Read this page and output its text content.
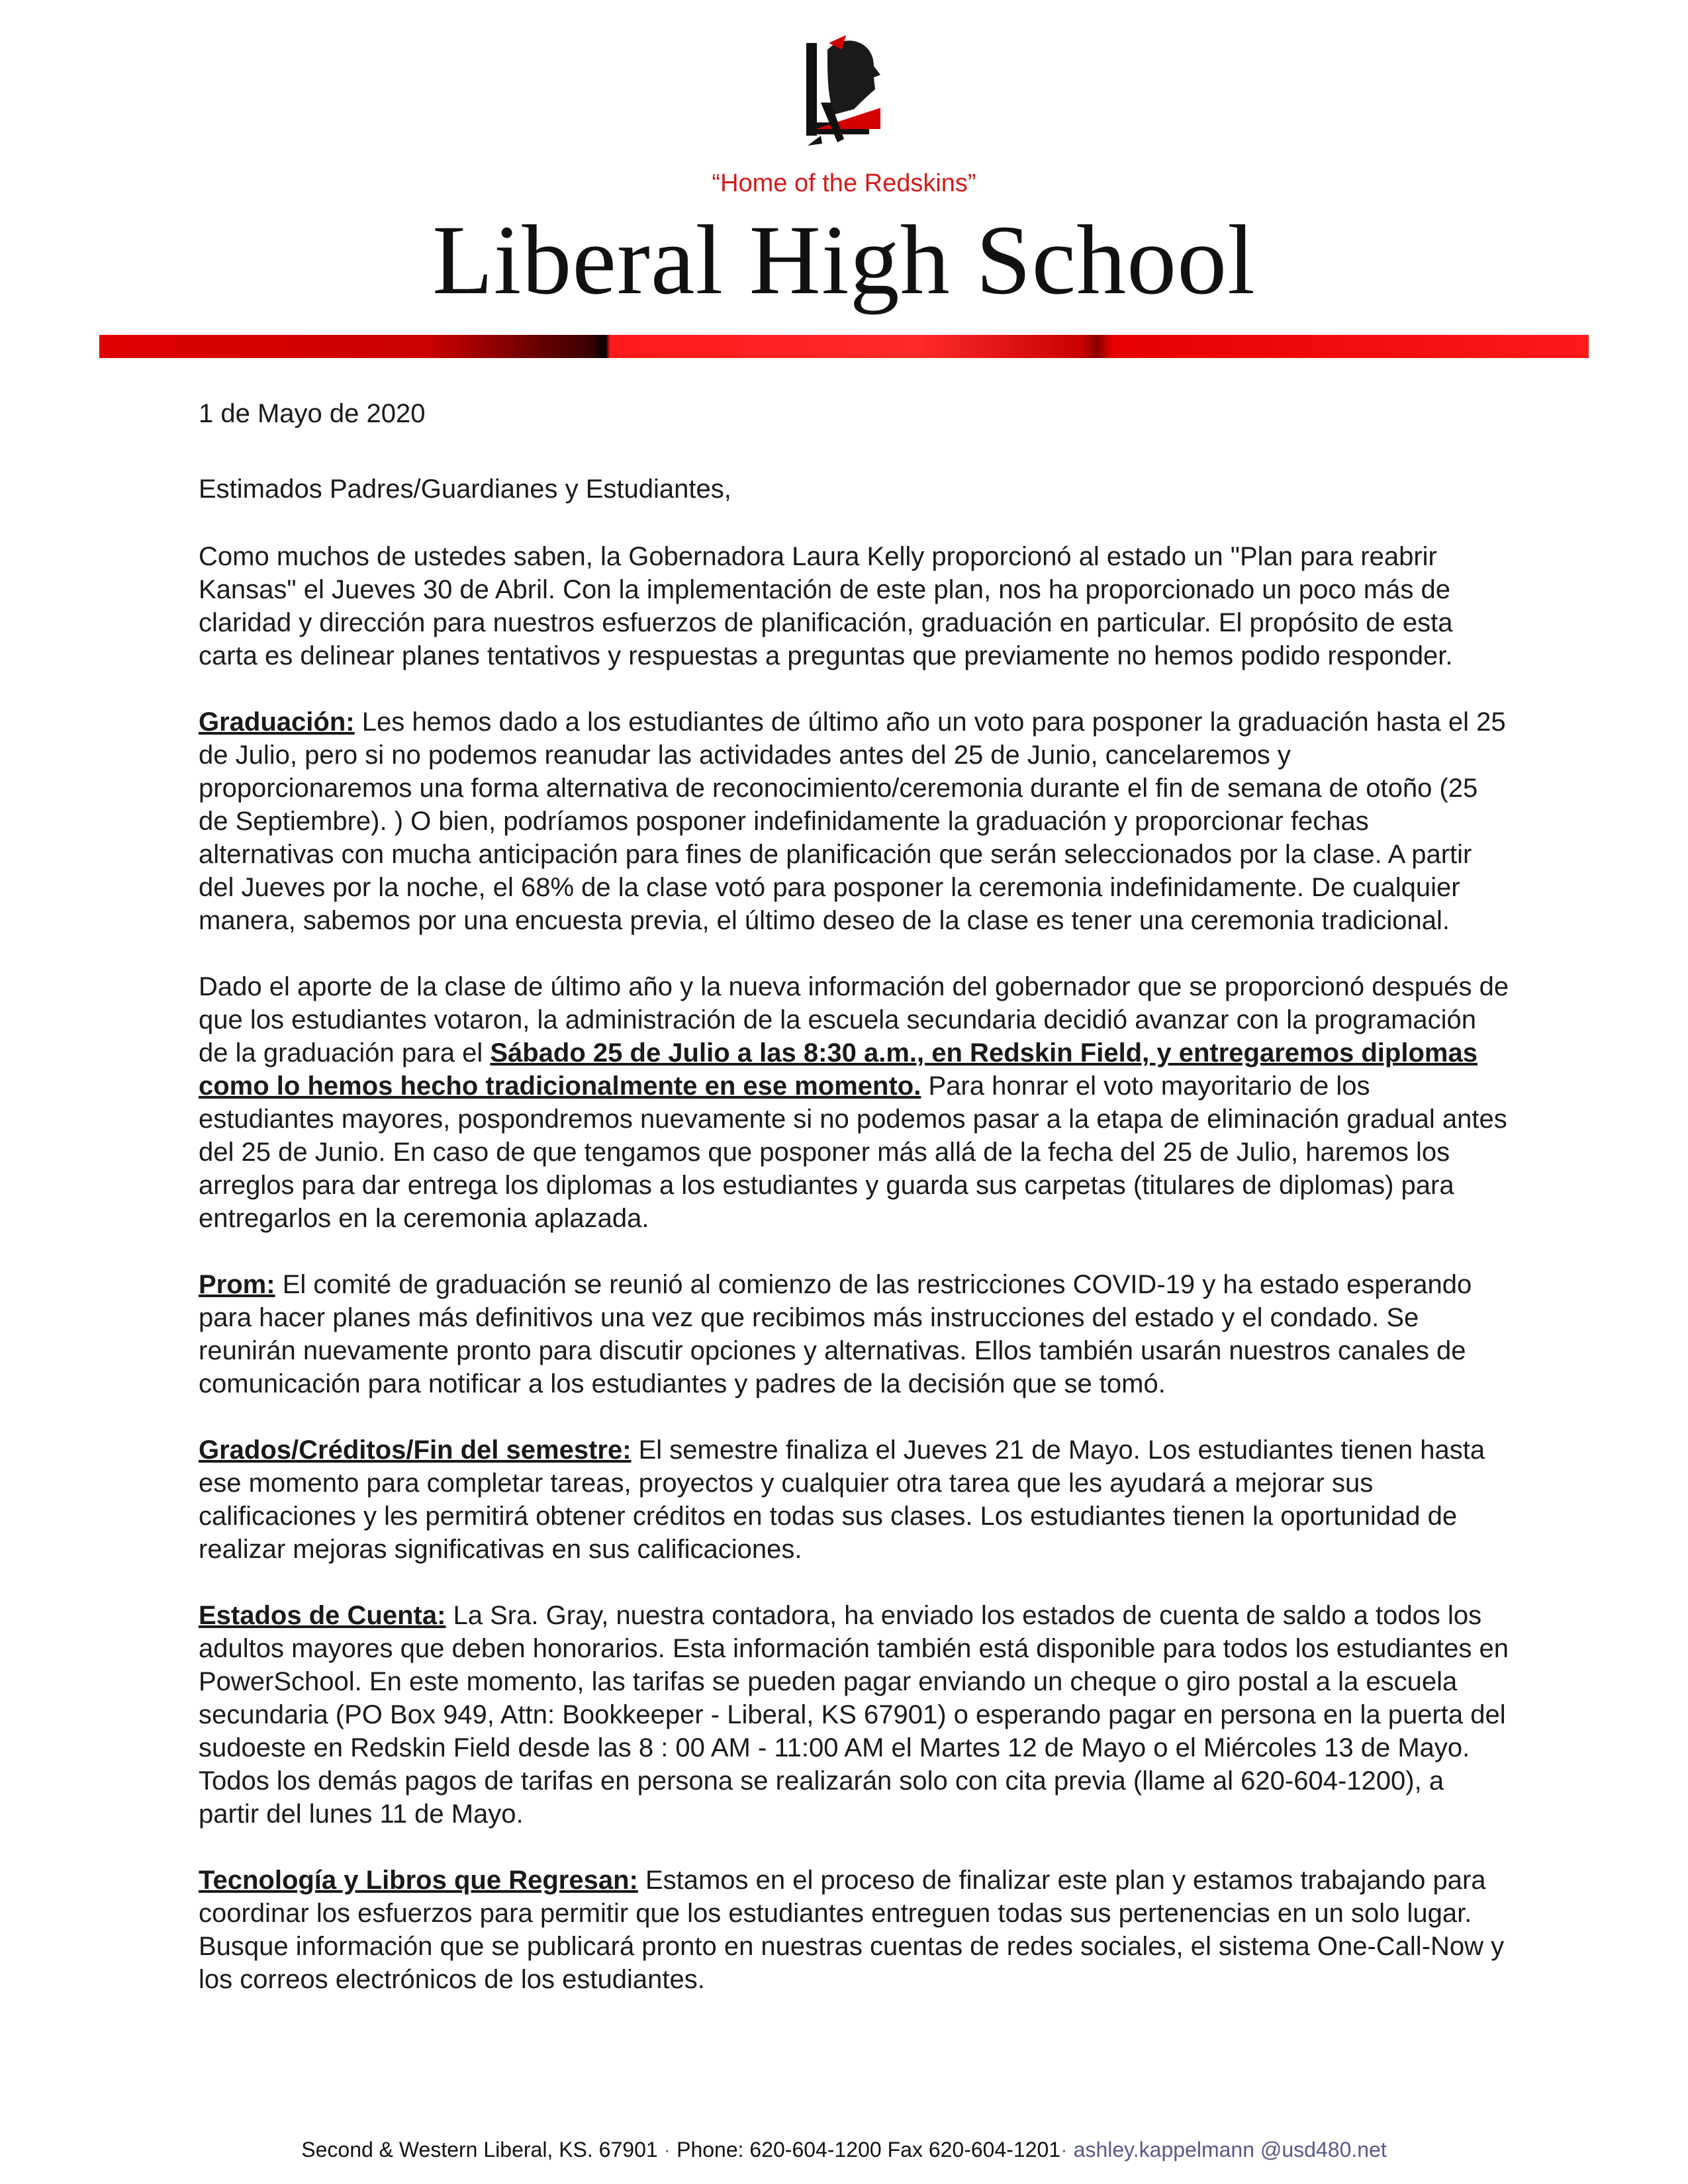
“Home of the Redskins”
Liberal High School

1 de Mayo de 2020

Estimados Padres/Guardianes y Estudiantes,

Como muchos de ustedes saben, la Gobernadora Laura Kelly proporcionó al estado un "Plan para reabrir Kansas" el Jueves 30 de Abril. Con la implementación de este plan, nos ha proporcionado un poco más de claridad y dirección para nuestros esfuerzos de planificación, graduación en particular. El propósito de esta carta es delinear planes tentativos y respuestas a preguntas que previamente no hemos podido responder.

Graduación: Les hemos dado a los estudiantes de último año un voto para posponer la graduación hasta el 25 de Julio, pero si no podemos reanudar las actividades antes del 25 de Junio, cancelaremos y proporcionaremos una forma alternativa de reconocimiento/ceremonia durante el fin de semana de otoño (25 de Septiembre). ) O bien, podríamos posponer indefinidamente la graduación y proporcionar fechas alternativas con mucha anticipación para fines de planificación que serán seleccionados por la clase. A partir del Jueves por la noche, el 68% de la clase votó para posponer la ceremonia indefinidamente. De cualquier manera, sabemos por una encuesta previa, el último deseo de la clase es tener una ceremonia tradicional.

Dado el aporte de la clase de último año y la nueva información del gobernador que se proporcionó después de que los estudiantes votaron, la administración de la escuela secundaria decidió avanzar con la programación de la graduación para el Sábado 25 de Julio a las 8:30 a.m., en Redskin Field, y entregaremos diplomas como lo hemos hecho tradicionalmente en ese momento. Para honrar el voto mayoritario de los estudiantes mayores, pospondremos nuevamente si no podemos pasar a la etapa de eliminación gradual antes del 25 de Junio. En caso de que tengamos que posponer más allá de la fecha del 25 de Julio, haremos los arreglos para dar entrega los diplomas a los estudiantes y guarda sus carpetas (titulares de diplomas) para entregarlos en la ceremonia aplazada.

Prom: El comité de graduación se reunió al comienzo de las restricciones COVID-19 y ha estado esperando para hacer planes más definitivos una vez que recibimos más instrucciones del estado y el condado. Se reunirán nuevamente pronto para discutir opciones y alternativas. Ellos también usarán nuestros canales de comunicación para notificar a los estudiantes y padres de la decisión que se tomó.

Grados/Créditos/Fin del semestre: El semestre finaliza el Jueves 21 de Mayo. Los estudiantes tienen hasta ese momento para completar tareas, proyectos y cualquier otra tarea que les ayudará a mejorar sus calificaciones y les permitirá obtener créditos en todas sus clases. Los estudiantes tienen la oportunidad de realizar mejoras significativas en sus calificaciones.

Estados de Cuenta: La Sra. Gray, nuestra contadora, ha enviado los estados de cuenta de saldo a todos los adultos mayores que deben honorarios. Esta información también está disponible para todos los estudiantes en PowerSchool. En este momento, las tarifas se pueden pagar enviando un cheque o giro postal a la escuela secundaria (PO Box 949, Attn: Bookkeeper - Liberal, KS 67901) o esperando pagar en persona en la puerta del sudoeste en Redskin Field desde las 8 : 00 AM - 11:00 AM el Martes 12 de Mayo o el Miércoles 13 de Mayo. Todos los demás pagos de tarifas en persona se realizarán solo con cita previa (llame al 620-604-1200), a partir del lunes 11 de Mayo.

Tecnología y Libros que Regresan: Estamos en el proceso de finalizar este plan y estamos trabajando para coordinar los esfuerzos para permitir que los estudiantes entreguen todas sus pertenencias en un solo lugar. Busque información que se publicará pronto en nuestras cuentas de redes sociales, el sistema One-Call-Now y los correos electrónicos de los estudiantes.

Second & Western Liberal, KS. 67901 · Phone: 620-604-1200 Fax 620-604-1201· ashley.kappelmann @usd480.net
